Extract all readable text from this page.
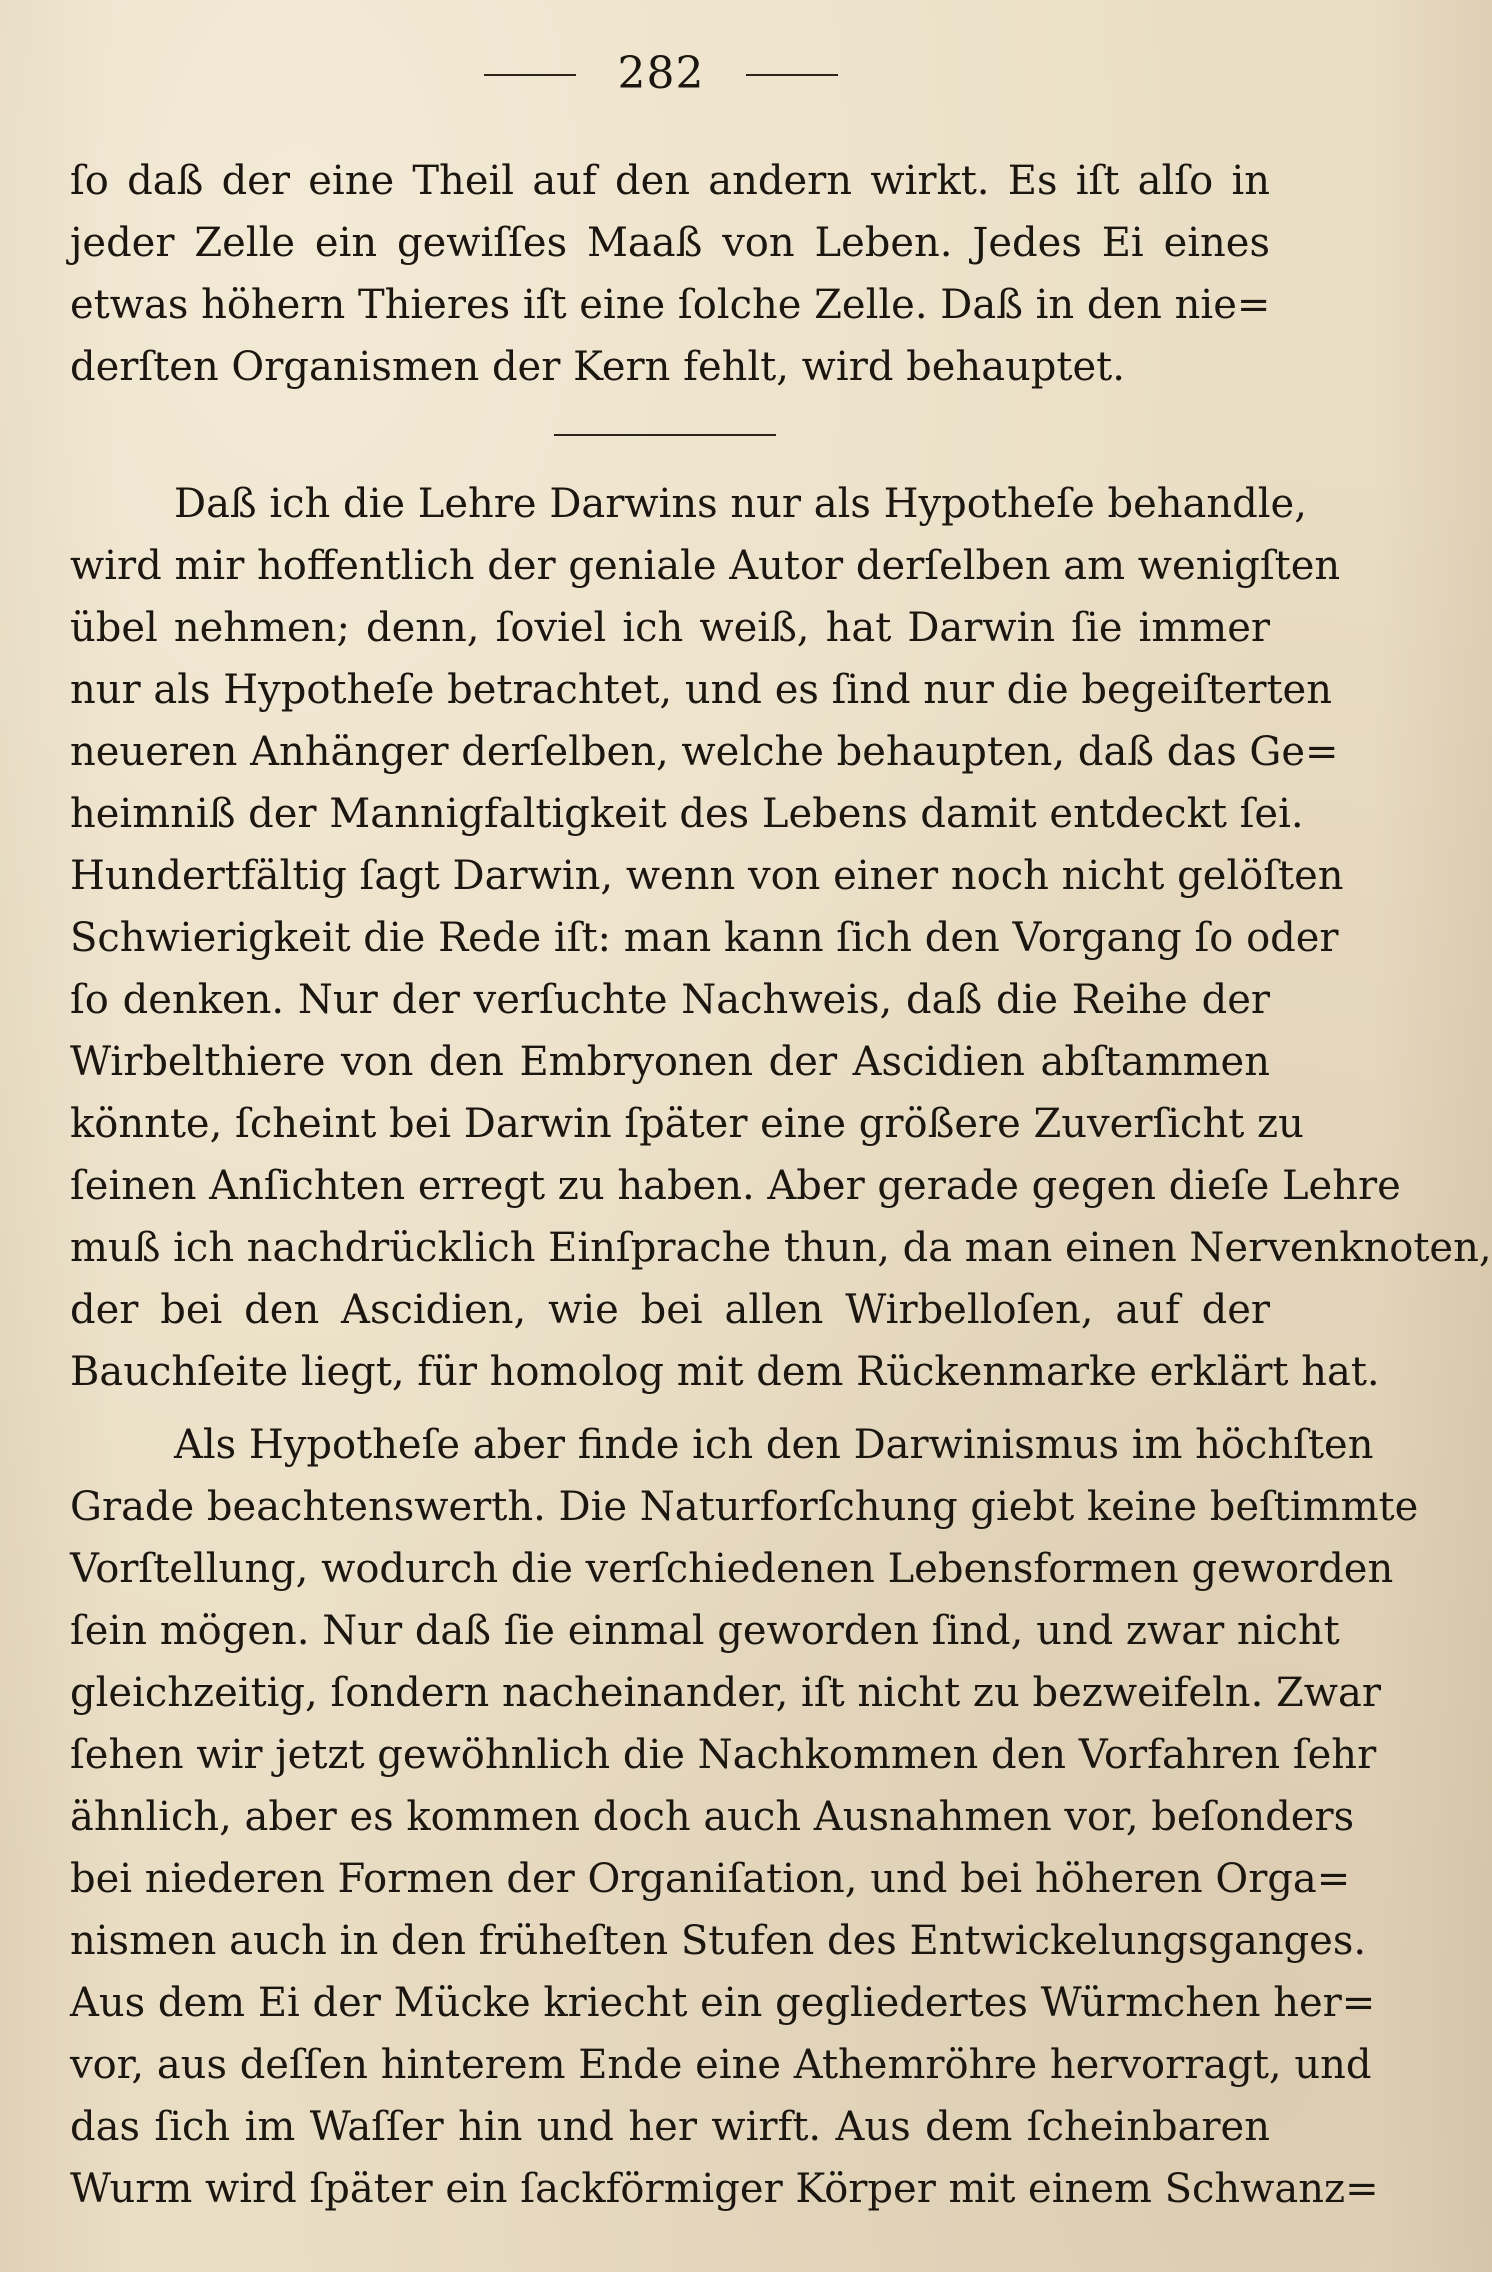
282
ſo daß der eine Theil auf den andern wirkt. Es iſt alſo in
jeder Zelle ein gewiſſes Maaß von Leben. Jedes Ei eines
etwas höhern Thieres iſt eine ſolche Zelle. Daß in den nie=
derſten Organismen der Kern fehlt, wird behauptet.
Daß ich die Lehre Darwins nur als Hypotheſe behandle,
wird mir hoffentlich der geniale Autor derſelben am wenigſten
übel nehmen; denn, ſoviel ich weiß, hat Darwin ſie immer
nur als Hypotheſe betrachtet, und es ſind nur die begeiſterten
neueren Anhänger derſelben, welche behaupten, daß das Ge=
heimniß der Mannigfaltigkeit des Lebens damit entdeckt ſei.
Hundertfältig ſagt Darwin, wenn von einer noch nicht gelöſten
Schwierigkeit die Rede iſt: man kann ſich den Vorgang ſo oder
ſo denken. Nur der verſuchte Nachweis, daß die Reihe der
Wirbelthiere von den Embryonen der Ascidien abſtammen
könnte, ſcheint bei Darwin ſpäter eine größere Zuverſicht zu
ſeinen Anſichten erregt zu haben. Aber gerade gegen dieſe Lehre
muß ich nachdrücklich Einſprache thun, da man einen Nervenknoten,
der bei den Ascidien, wie bei allen Wirbelloſen, auf der
Bauchſeite liegt, für homolog mit dem Rückenmarke erklärt hat.
Als Hypotheſe aber finde ich den Darwinismus im höchſten
Grade beachtenswerth. Die Naturforſchung giebt keine beſtimmte
Vorſtellung, wodurch die verſchiedenen Lebensformen geworden
ſein mögen. Nur daß ſie einmal geworden ſind, und zwar nicht
gleichzeitig, ſondern nacheinander, iſt nicht zu bezweifeln. Zwar
ſehen wir jetzt gewöhnlich die Nachkommen den Vorfahren ſehr
ähnlich, aber es kommen doch auch Ausnahmen vor, beſonders
bei niederen Formen der Organiſation, und bei höheren Orga=
nismen auch in den früheſten Stufen des Entwickelungsganges.
Aus dem Ei der Mücke kriecht ein gegliedertes Würmchen her=
vor, aus deſſen hinterem Ende eine Athemröhre hervorragt, und
das ſich im Waſſer hin und her wirft. Aus dem ſcheinbaren
Wurm wird ſpäter ein ſackförmiger Körper mit einem Schwanz=
